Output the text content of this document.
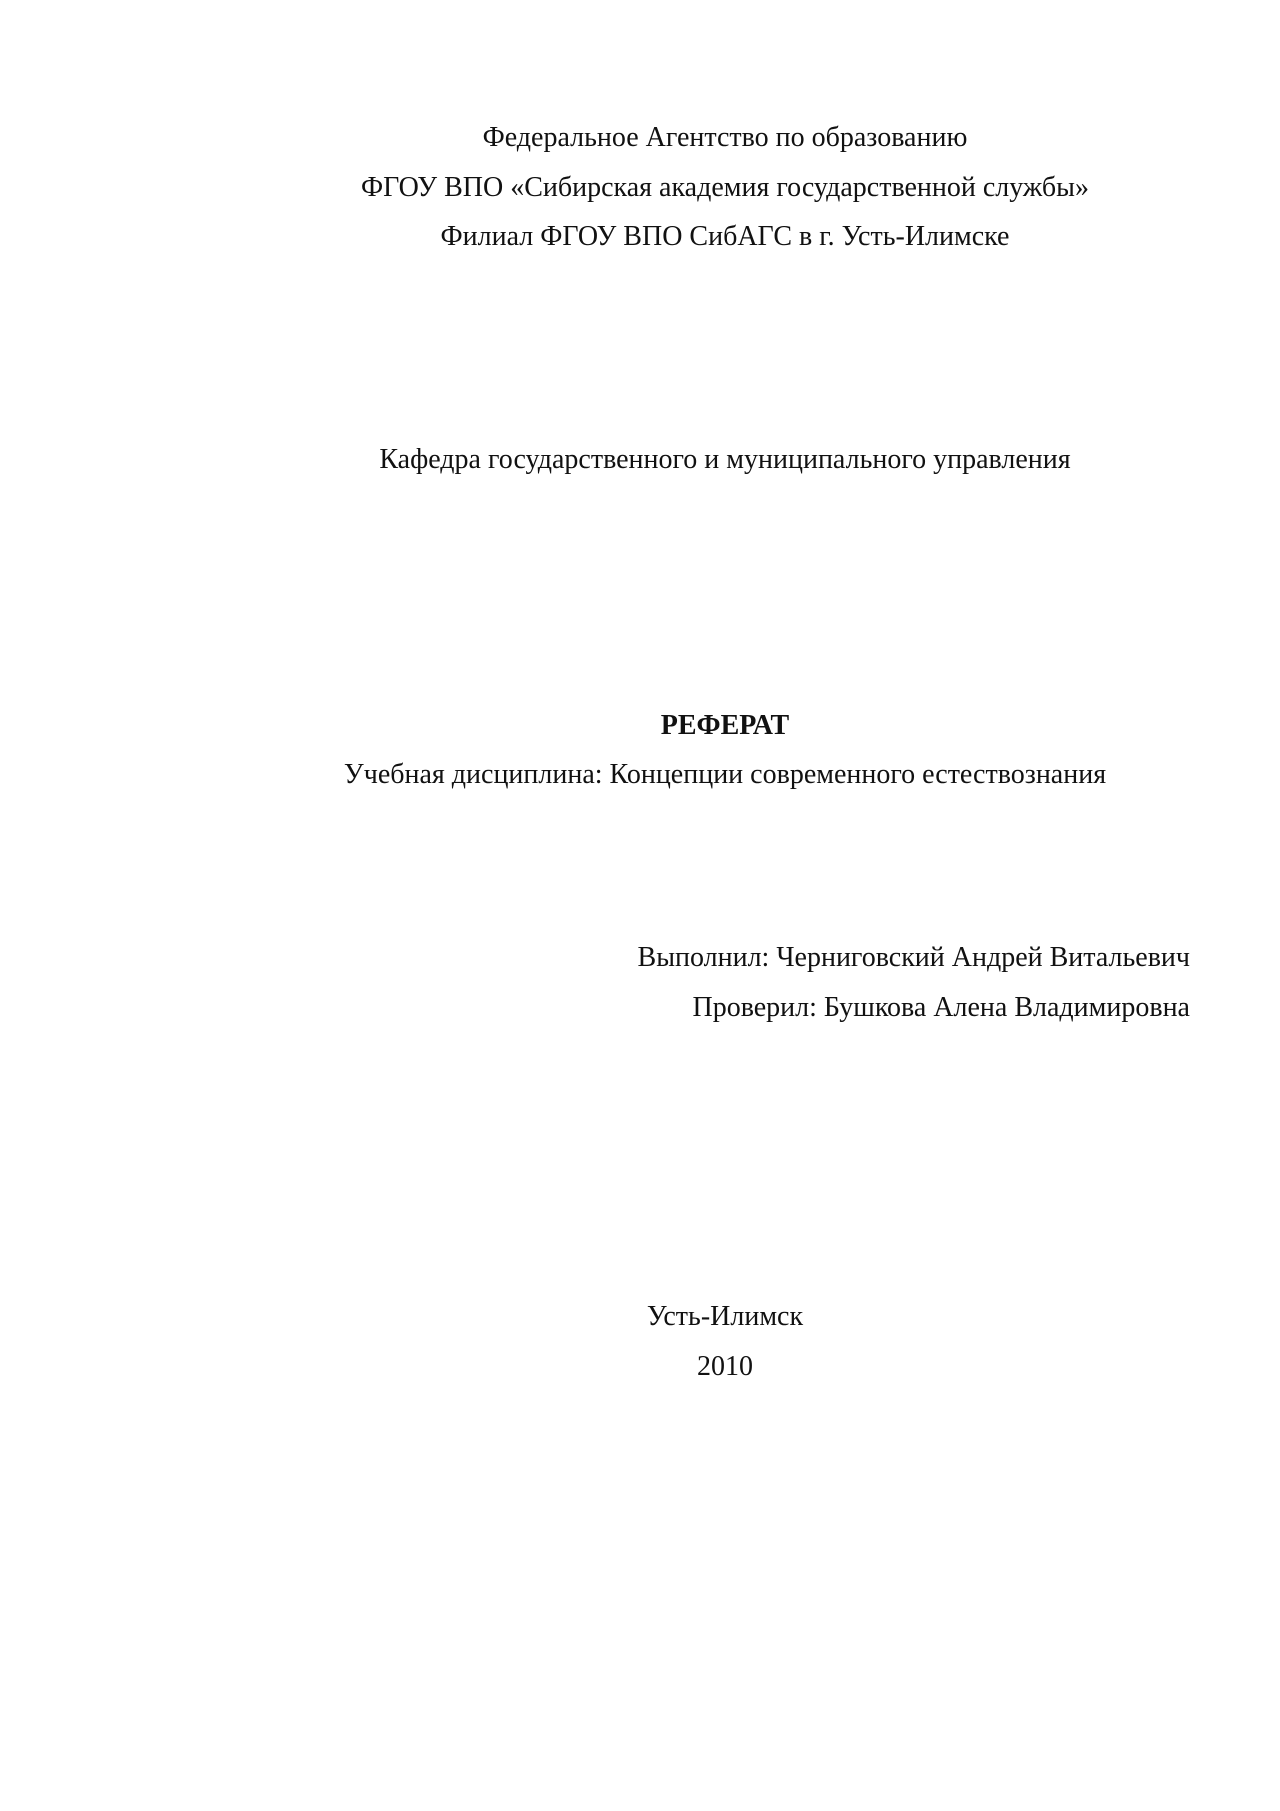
Федеральное Агентство по образованию
ФГОУ ВПО «Сибирская академия государственной службы»
Филиал ФГОУ ВПО СибАГС в г. Усть-Илимске
Кафедра государственного и муниципального управления
РЕФЕРАТ
Учебная дисциплина: Концепции современного естествознания
Выполнил: Черниговский Андрей Витальевич
Проверил: Бушкова Алена Владимировна
Усть-Илимск
2010
